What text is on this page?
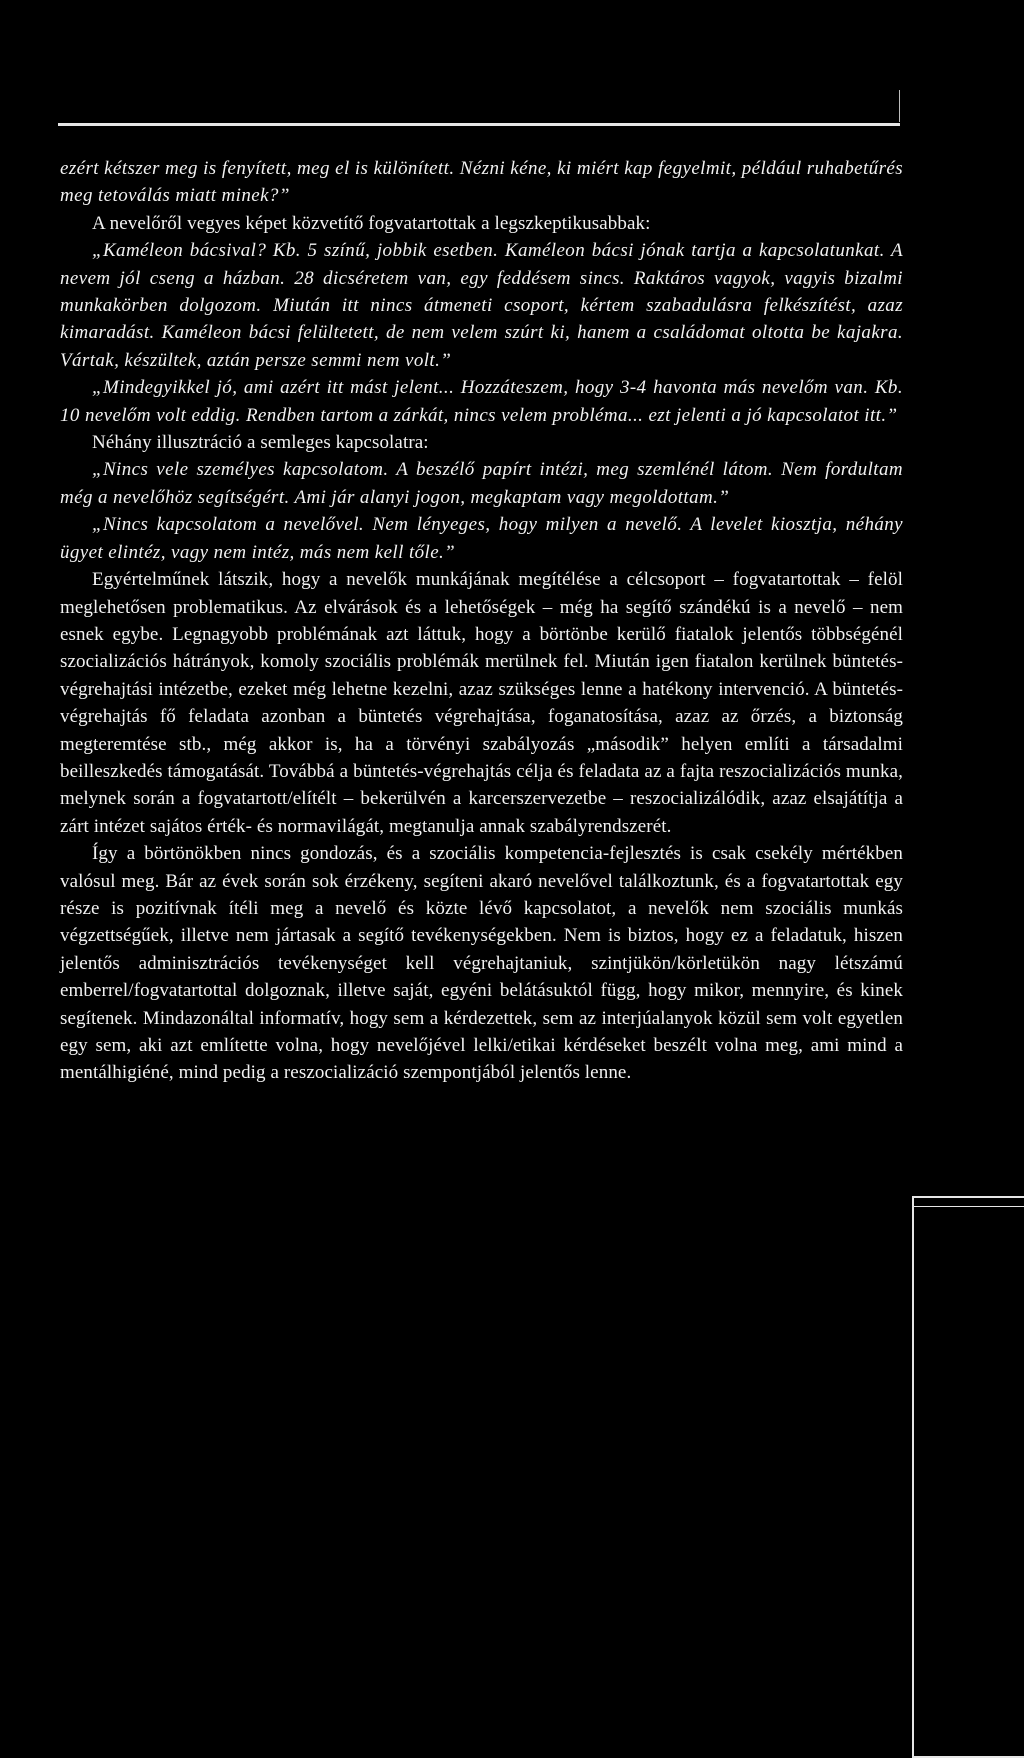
ezért kétszer meg is fenyített, meg el is különített. Nézni kéne, ki miért kap fegyelmit, például ruhabetűrés meg tetoválás miatt minek?”

A nevelőről vegyes képet közvetítő fogvatartottak a legszkeptikusabbak:

„Kaméleon bácsival? Kb. 5 színű, jobbik esetben. Kaméleon bácsi jónak tartja a kapcsolatunkat. A nevem jól cseng a házban. 28 dicséretem van, egy feddésem sincs. Raktáros vagyok, vagyis bizalmi munkakörben dolgozom. Miután itt nincs átmeneti csoport, kértem szabadulásra felkészítést, azaz kimaradást. Kaméleon bácsi felültetett, de nem velem szúrt ki, hanem a családomat oltotta be kajakra. Vártak, készültek, aztán persze semmi nem volt.”

„Mindegyikkel jó, ami azért itt mást jelent... Hozzáteszem, hogy 3-4 havonta más nevelőm van. Kb. 10 nevelőm volt eddig. Rendben tartom a zárkát, nincs velem probléma... ezt jelenti a jó kapcsolatot itt.”

Néhány illusztráció a semleges kapcsolatra:

„Nincs vele személyes kapcsolatom. A beszélő papírt intézi, meg szemlénél látom. Nem fordultam még a nevelőhöz segítségért. Ami jár alanyi jogon, megkaptam vagy megoldottam.”

„Nincs kapcsolatom a nevelővel. Nem lényeges, hogy milyen a nevelő. A levelet kiosztja, néhány ügyet elintéz, vagy nem intéz, más nem kell tőle.”

Egyértelműnek látszik, hogy a nevelők munkájának megítélése a célcsoport – fogvatartottak – felöl meglehetősen problematikus. Az elvárások és a lehetőségek – még ha segítő szándékú is a nevelő – nem esnek egybe. Legnagyobb problémának azt láttuk, hogy a börtönbe kerülő fiatalok jelentős többségénél szocializációs hátrányok, komoly szociális problémák merülnek fel. Miután igen fiatalon kerülnek büntetés-végrehajtási intézetbe, ezeket még lehetne kezelni, azaz szükséges lenne a hatékony intervenció. A büntetés-végrehajtás fő feladata azonban a büntetés végrehajtása, foganatosítása, azaz az őrzés, a biztonság megteremtése stb., még akkor is, ha a törvényi szabályozás „második” helyen említi a társadalmi beilleszkedés támogatását. Továbbá a büntetés-végrehajtás célja és feladata az a fajta reszocializációs munka, melynek során a fogvatartott/elítélt – bekerülvén a karcerszervezetbe – reszocializálódik, azaz elsajátítja a zárt intézet sajátos érték- és normavilágát, megtanulja annak szabályrendszerét.

Így a börtönökben nincs gondozás, és a szociális kompetencia-fejlesztés is csak csekély mértékben valósul meg. Bár az évek során sok érzékeny, segíteni akaró nevelővel találkoztunk, és a fogvatartottak egy része is pozitívnak ítéli meg a nevelő és közte lévő kapcsolatot, a nevelők nem szociális munkás végzettségűek, illetve nem jártasak a segítő tevékenységekben. Nem is biztos, hogy ez a feladatuk, hiszen jelentős adminisztrációs tevékenységet kell végrehajtaniuk, szintjükön/körletükön nagy létszámú emberrel/fogvatartottal dolgoznak, illetve saját, egyéni belátásuktól függ, hogy mikor, mennyire, és kinek segítenek. Mindazonáltal informatív, hogy sem a kérdezettek, sem az interjúalanyok közül sem volt egyetlen egy sem, aki azt említette volna, hogy nevelőjével lelki/etikai kérdéseket beszélt volna meg, ami mind a mentálhigiéné, mind pedig a reszocializáció szempontjából jelentős lenne.
